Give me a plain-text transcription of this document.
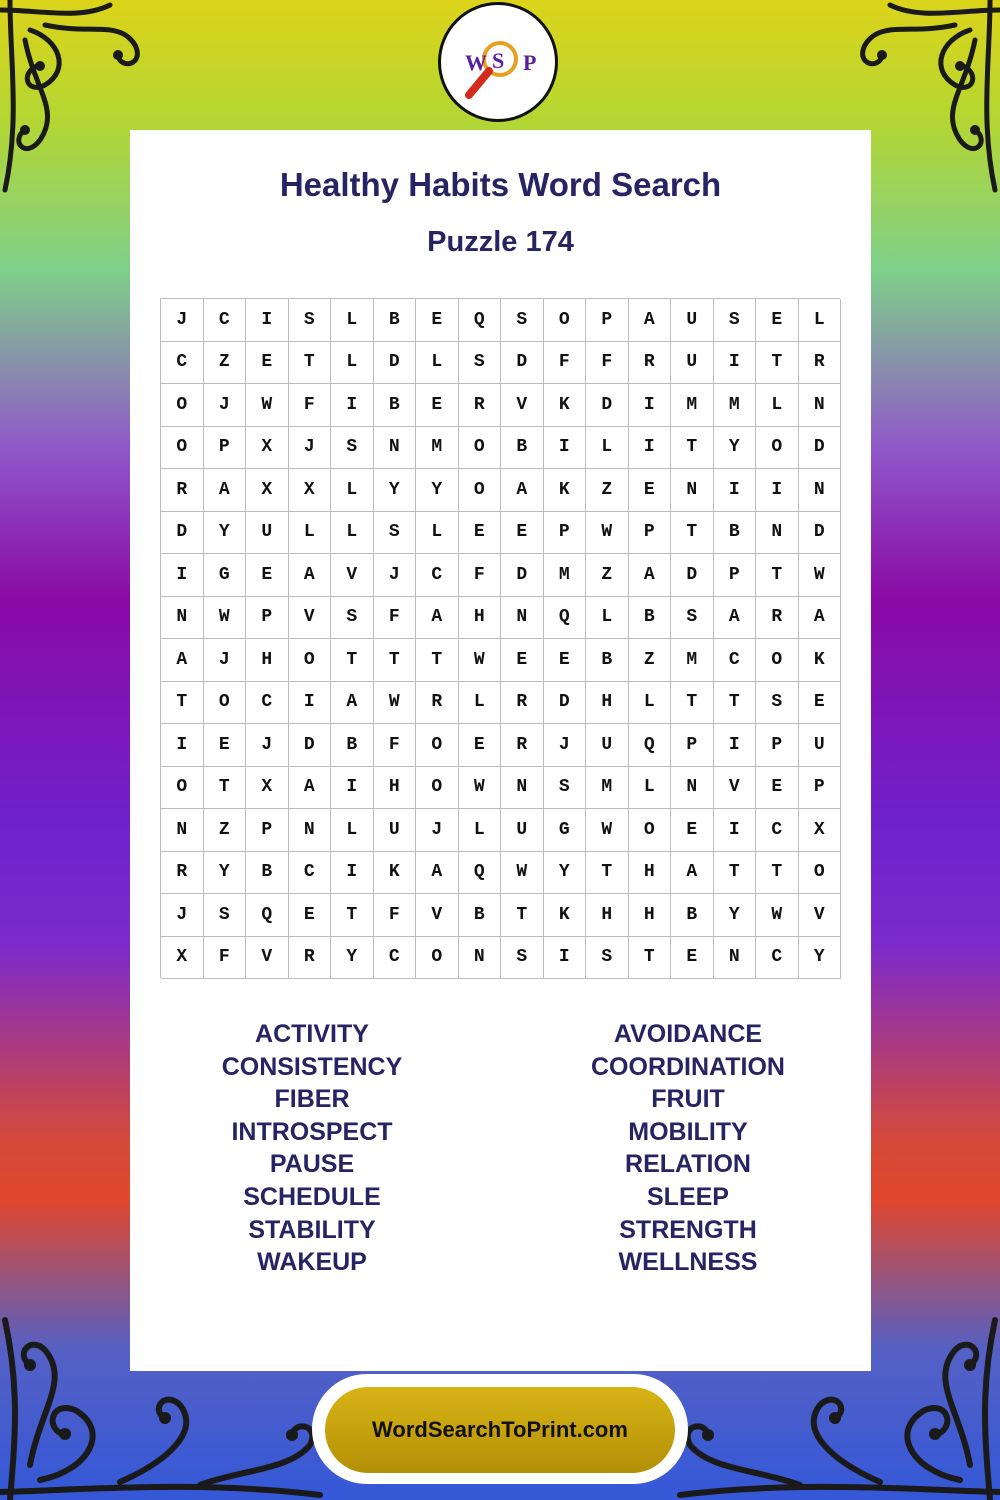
W S P
Healthy Habits Word Search
Puzzle 174
J	C	I	S	L	B	E	Q	S	O	P	A	U	S	E	L
C	Z	E	T	L	D	L	S	D	F	F	R	U	I	T	R
O	J	W	F	I	B	E	R	V	K	D	I	M	M	L	N
O	P	X	J	S	N	M	O	B	I	L	I	T	Y	O	D
R	A	X	X	L	Y	Y	O	A	K	Z	E	N	I	I	N
D	Y	U	L	L	S	L	E	E	P	W	P	T	B	N	D
I	G	E	A	V	J	C	F	D	M	Z	A	D	P	T	W
N	W	P	V	S	F	A	H	N	Q	L	B	S	A	R	A
A	J	H	O	T	T	T	W	E	E	B	Z	M	C	O	K
T	O	C	I	A	W	R	L	R	D	H	L	T	T	S	E
I	E	J	D	B	F	O	E	R	J	U	Q	P	I	P	U
O	T	X	A	I	H	O	W	N	S	M	L	N	V	E	P
N	Z	P	N	L	U	J	L	U	G	W	O	E	I	C	X
R	Y	B	C	I	K	A	Q	W	Y	T	H	A	T	T	O
J	S	Q	E	T	F	V	B	T	K	H	H	B	Y	W	V
X	F	V	R	Y	C	O	N	S	I	S	T	E	N	C	Y
ACTIVITY
CONSISTENCY
FIBER
INTROSPECT
PAUSE
SCHEDULE
STABILITY
WAKEUP
AVOIDANCE
COORDINATION
FRUIT
MOBILITY
RELATION
SLEEP
STRENGTH
WELLNESS
WordSearchToPrint.com
